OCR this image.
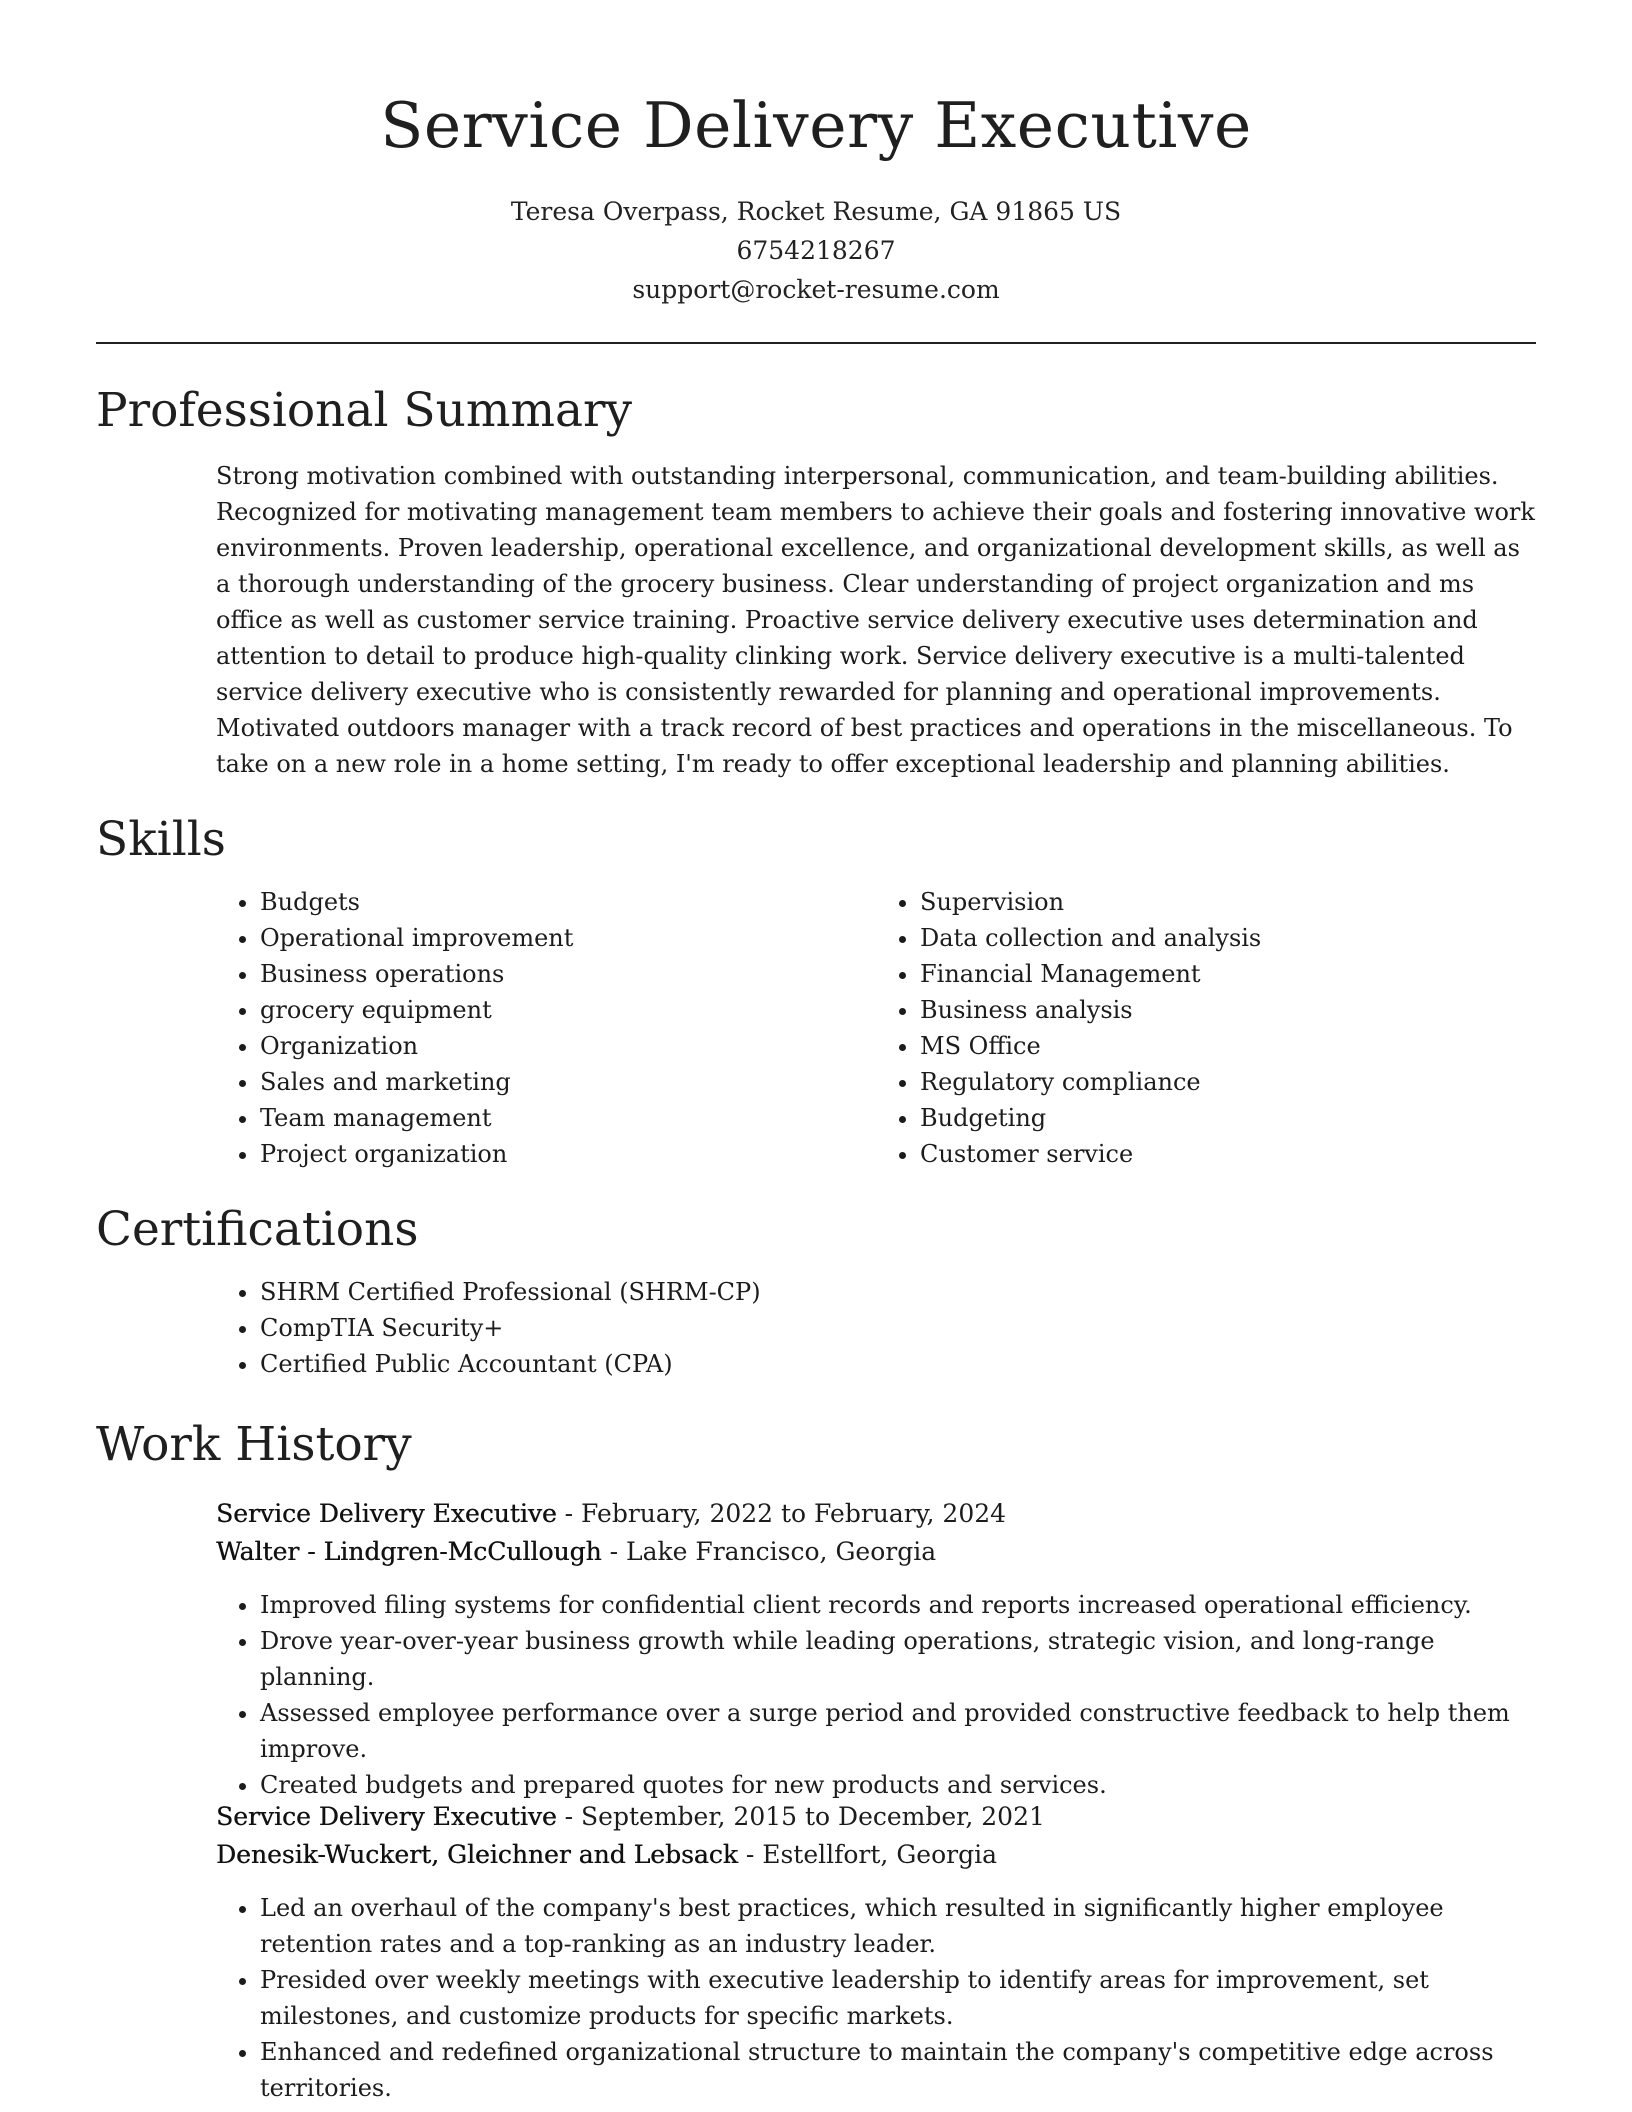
Service Delivery Executive
Teresa Overpass, Rocket Resume, GA 91865 US
6754218267
support@rocket-resume.com
Professional Summary

Strong motivation combined with outstanding interpersonal, communication, and team-building abilities. Recognized for motivating management team members to achieve their goals and fostering innovative work environments. Proven leadership, operational excellence, and organizational development skills, as well as a thorough understanding of the grocery business. Clear understanding of project organization and ms office as well as customer service training. Proactive service delivery executive uses determination and attention to detail to produce high-quality clinking work. Service delivery executive is a multi-talented service delivery executive who is consistently rewarded for planning and operational improvements. Motivated outdoors manager with a track record of best practices and operations in the miscellaneous. To take on a new role in a home setting, I'm ready to offer exceptional leadership and planning abilities.

Skills
• Budgets
• Operational improvement
• Business operations
• grocery equipment
• Organization
• Sales and marketing
• Team management
• Project organization
• Supervision
• Data collection and analysis
• Financial Management
• Business analysis
• MS Office
• Regulatory compliance
• Budgeting
• Customer service
Certifications
• SHRM Certified Professional (SHRM-CP)
• CompTIA Security+
• Certified Public Accountant (CPA)
Work History

Service Delivery Executive - February, 2022 to February, 2024

Walter - Lindgren-McCullough - Lake Francisco, Georgia

• Improved filing systems for confidential client records and reports increased operational efficiency.
• Drove year-over-year business growth while leading operations, strategic vision, and long-range planning.
• Assessed employee performance over a surge period and provided constructive feedback to help them improve.
• Created budgets and prepared quotes for new products and services.

Service Delivery Executive - September, 2015 to December, 2021

Denesik-Wuckert, Gleichner and Lebsack - Estellfort, Georgia

• Led an overhaul of the company's best practices, which resulted in significantly higher employee retention rates and a top-ranking as an industry leader.
• Presided over weekly meetings with executive leadership to identify areas for improvement, set milestones, and customize products for specific markets.
• Enhanced and redefined organizational structure to maintain the company's competitive edge across territories.
